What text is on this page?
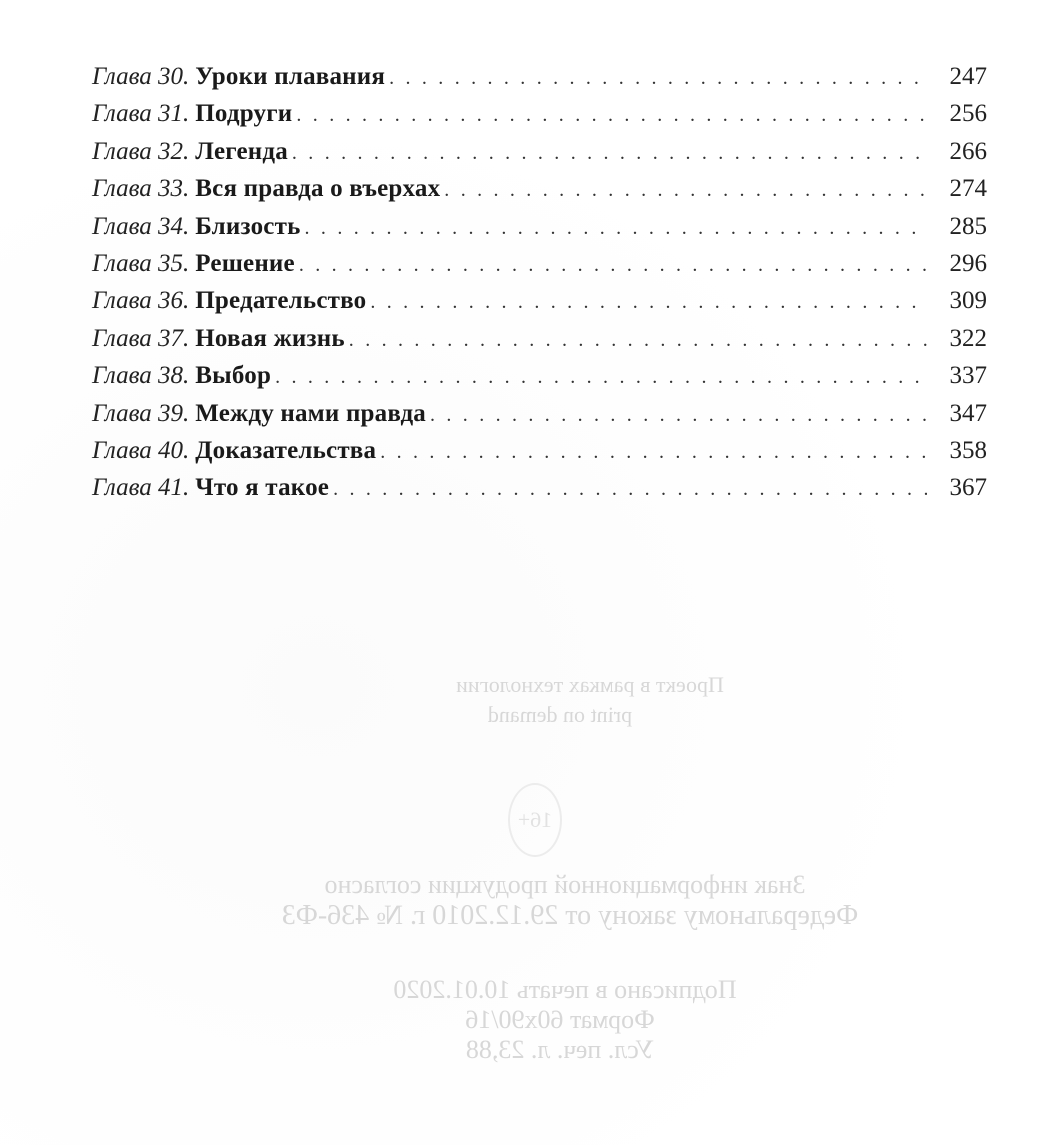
Проект в рамках технологии
print on demand
16+
Знак информационной продукции согласно
Федеральному закону от 29.12.2010 г. № 436-ФЗ
Подписано в печать 10.01.2020
Формат 60х90/16
Усл. печ. л. 23,88
Глава 30. Уроки плавания . . .	247
Глава 31. Подруги . . .	256
Глава 32. Легенда . . .	266
Глава 33. Вся правда о въерхах . . .	274
Глава 34. Близость . . .	285
Глава 35. Решение . . .	296
Глава 36. Предательство . . .	309
Глава 37. Новая жизнь . . .	322
Глава 38. Выбор . . .	337
Глава 39. Между нами правда . . .	347
Глава 40. Доказательства . . .	358
Глава 41. Что я такое . . .	367
